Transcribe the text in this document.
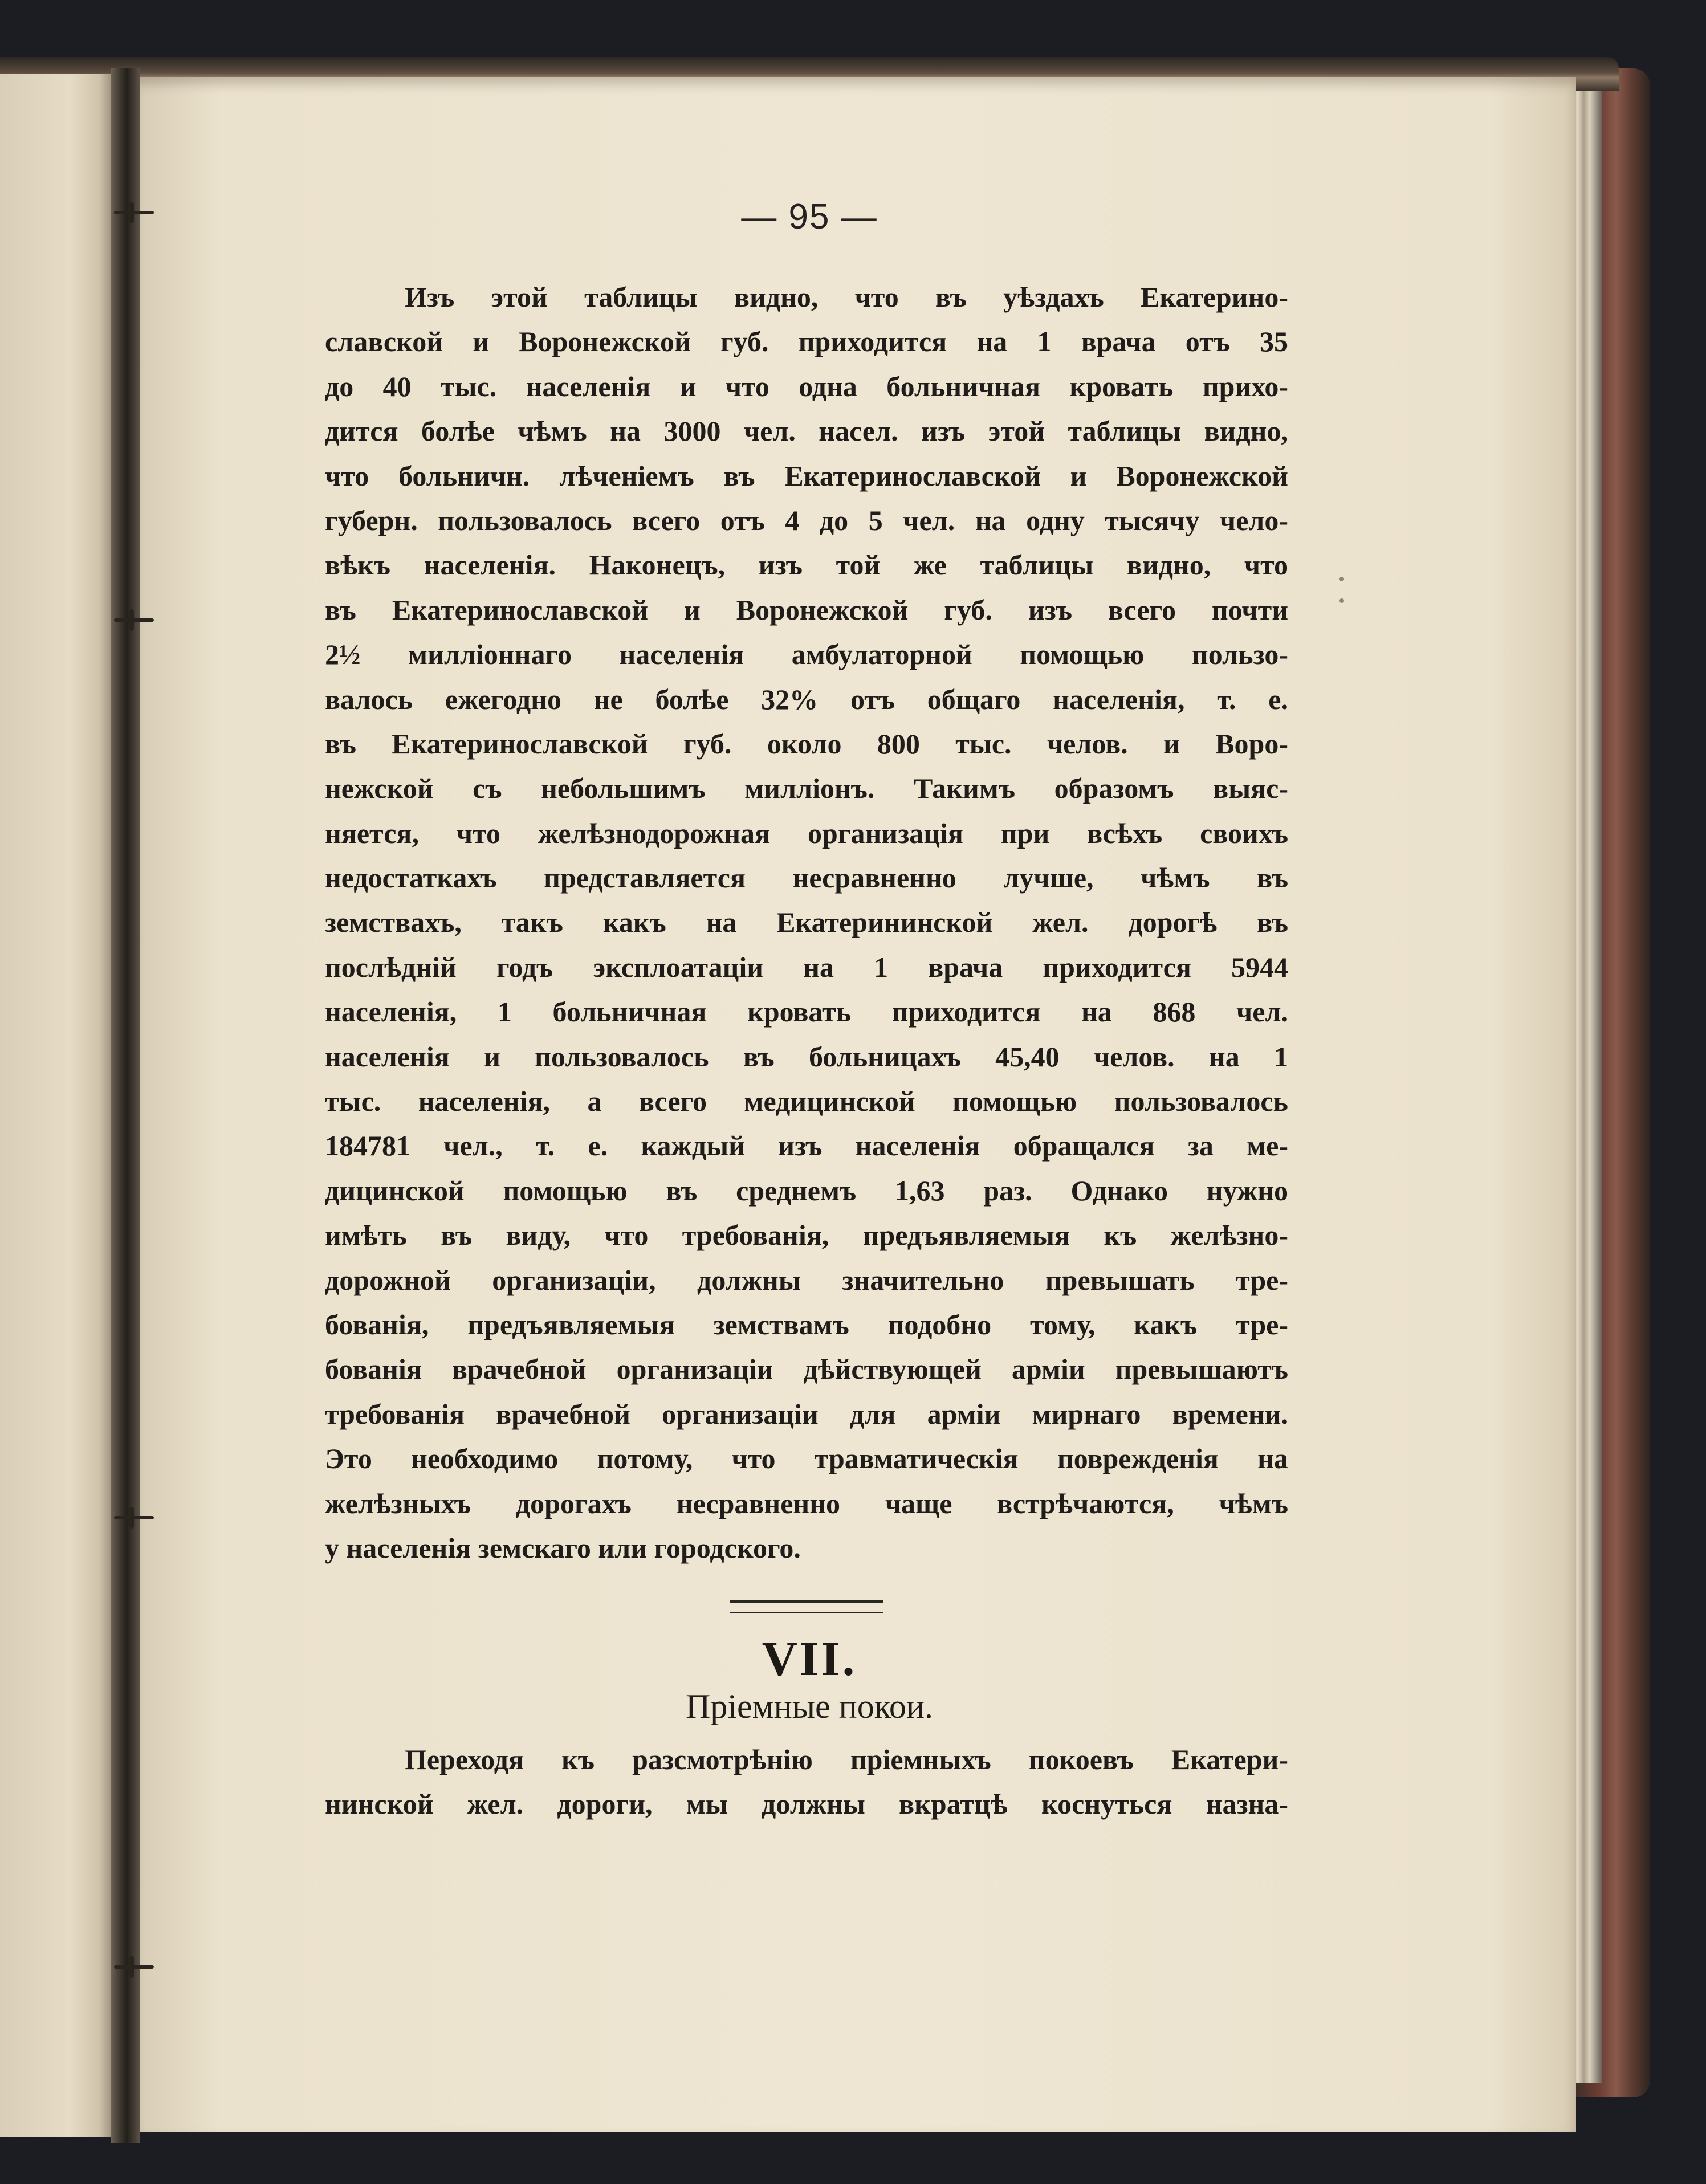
— 95 —
Изъ этой таблицы видно, что въ уѣздахъ Екатерино-
славской и Воронежской губ. приходится на 1 врача отъ 35
до 40 тыс. населенія и что одна больничная кровать прихо-
дится болѣе чѣмъ на 3000 чел. насел. изъ этой таблицы видно,
что больничн. лѣченіемъ въ Екатеринославской и Воронежской
губерн. пользовалось всего отъ 4 до 5 чел. на одну тысячу чело-
вѣкъ населенія. Наконецъ, изъ той же таблицы видно, что
въ Екатеринославской и Воронежской губ. изъ всего почти
2½ милліоннаго населенія амбулаторной помощью пользо-
валось ежегодно не болѣе 32% отъ общаго населенія, т. е.
въ Екатеринославской губ. около 800 тыс. челов. и Воро-
нежской съ небольшимъ милліонъ. Такимъ образомъ выяс-
няется, что желѣзнодорожная организація при всѣхъ своихъ
недостаткахъ представляется несравненно лучше, чѣмъ въ
земствахъ, такъ какъ на Екатерининской жел. дорогѣ въ
послѣдній годъ эксплоатаціи на 1 врача приходится 5944
населенія, 1 больничная кровать приходится на 868 чел.
населенія и пользовалось въ больницахъ 45,40 челов. на 1
тыс. населенія, а всего медицинской помощью пользовалось
184781 чел., т. е. каждый изъ населенія обращался за ме-
дицинской помощью въ среднемъ 1,63 раз. Однако нужно
имѣть въ виду, что требованія, предъявляемыя къ желѣзно-
дорожной организаціи, должны значительно превышать тре-
бованія, предъявляемыя земствамъ подобно тому, какъ тре-
бованія врачебной организаціи дѣйствующей арміи превышаютъ
требованія врачебной организаціи для арміи мирнаго времени.
Это необходимо потому, что травматическія поврежденія на
желѣзныхъ дорогахъ несравненно чаще встрѣчаются, чѣмъ
у населенія земскаго или городского.
VII.
Пріемные покои.
Переходя къ разсмотрѣнію пріемныхъ покоевъ Екатери-
нинской жел. дороги, мы должны вкратцѣ коснуться назна-
